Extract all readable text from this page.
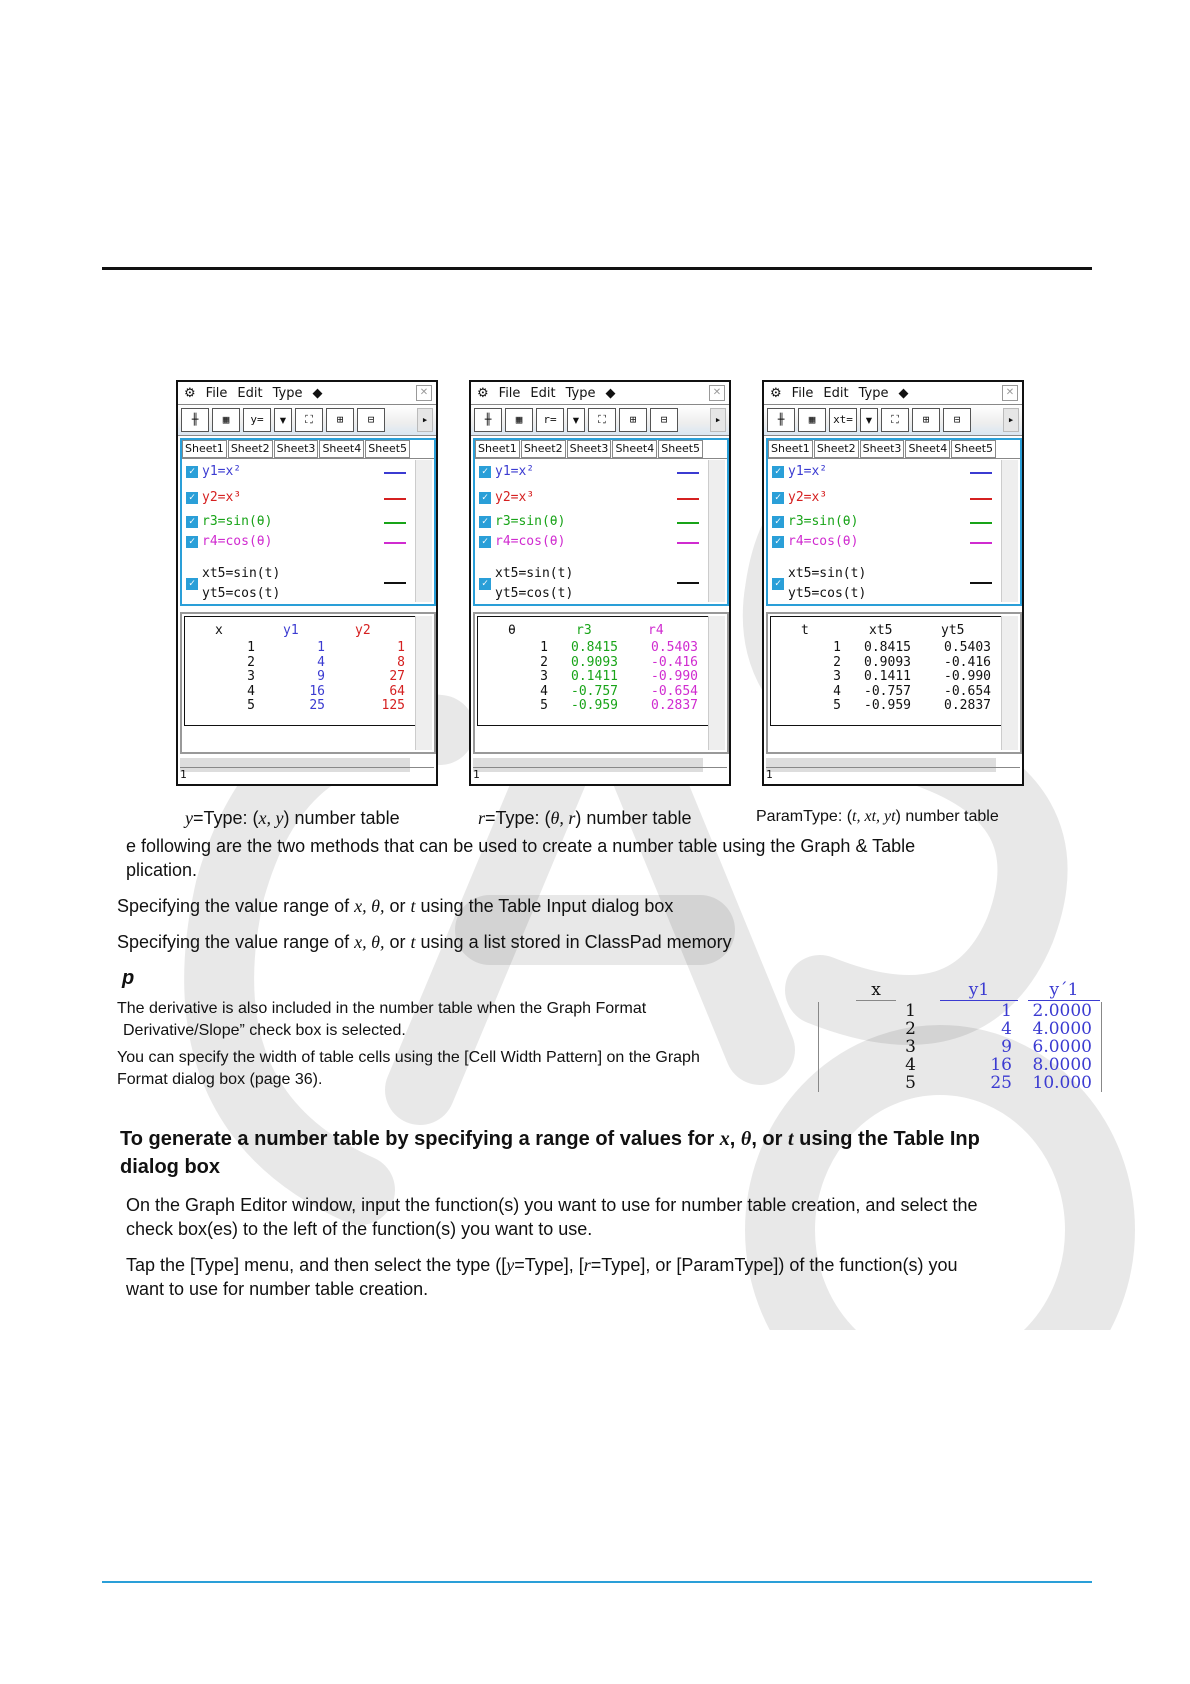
⚙ File Edit Type ◆	✕
╫	▦	y= ▾	⛶	⊞	⊟	▸
Sheet1 Sheet2 Sheet3 Sheet4 Sheet5
✓ y1=x²
✓ y2=x³
✓ r3=sin(θ)
✓ r4=cos(θ)
✓
xt5=sin(t)
yt5=cos(t)
x	y1	y2
1	1	1
2	4	8
3	9	27
4	16	64
5	25	125
1
y=Type: (x, y) number table
⚙ File Edit Type ◆	✕
╫	▦	r= ▾	⛶	⊞	⊟	▸
Sheet1 Sheet2 Sheet3 Sheet4 Sheet5
✓ y1=x²
✓ y2=x³
✓ r3=sin(θ)
✓ r4=cos(θ)
✓
xt5=sin(t)
yt5=cos(t)
θ	r3	r4
1	0.8415	0.5403
2	0.9093	-0.416
3	0.1411	-0.990
4	-0.757	-0.654
5	-0.959	0.2837
1
r=Type: (θ, r) number table
⚙ File Edit Type ◆	✕
╫	▦	xt= ▾	⛶	⊞	⊟	▸
Sheet1 Sheet2 Sheet3 Sheet4 Sheet5
✓ y1=x²
✓ y2=x³
✓ r3=sin(θ)
✓ r4=cos(θ)
✓
xt5=sin(t)
yt5=cos(t)
t	xt5	yt5
1	0.8415	0.5403
2	0.9093	-0.416
3	0.1411	-0.990
4	-0.757	-0.654
5	-0.959	0.2837
1
ParamType: (t, xt, yt) number table
e following are the two methods that can be used to create a number table using the Graph & Table
plication.
Specifying the value range of x, θ, or t using the Table Input dialog box
Specifying the value range of x, θ, or t using a list stored in ClassPad memory
p
The derivative is also included in the number table when the Graph Format
Derivative/Slope” check box is selected.
You can specify the width of table cells using the [Cell Width Pattern] on the Graph
Format dialog box (page 36).
x	y1	y´1
1	1	2.0000
2	4	4.0000
3	9	6.0000
4	16	8.0000
5	25	10.000
To generate a number table by specifying a range of values for x, θ, or t using the Table Inp
dialog box
On the Graph Editor window, input the function(s) you want to use for number table creation, and select the
check box(es) to the left of the function(s) you want to use.
Tap the [Type] menu, and then select the type ([y=Type], [r=Type], or [ParamType]) of the function(s) you
want to use for number table creation.
